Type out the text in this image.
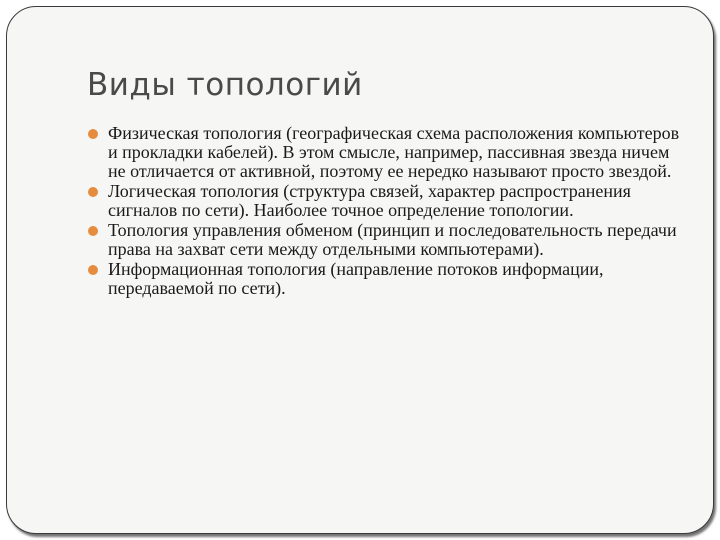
Виды топологий
Физическая топология (географическая схема расположения компьютеров и прокладки кабелей). В этом смысле, например, пассивная звезда ничем не отличается от активной, поэтому ее нередко называют просто звездой.
Логическая топология (структура связей, характер распространения сигналов по сети). Наиболее точное определение топологии.
Топология управления обменом (принцип и последовательность передачи права на захват сети между отдельными компьютерами).
Информационная топология (направление потоков информации, передаваемой по сети).
